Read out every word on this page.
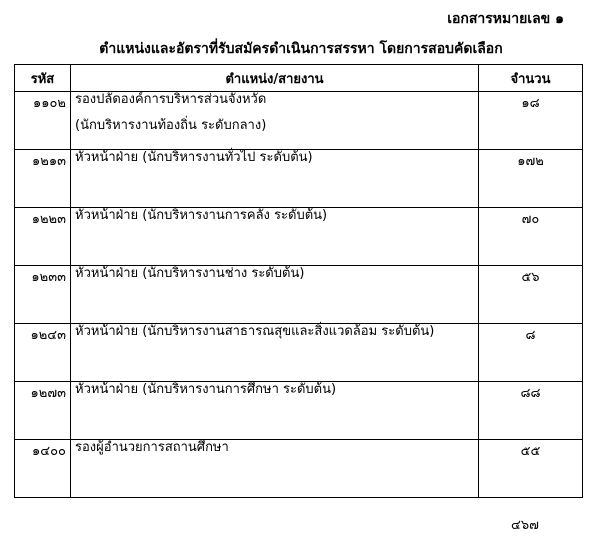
เอกสารหมายเลข ๑
ตำแหน่งและอัตราที่รับสมัครดำเนินการสรรหา โดยการสอบคัดเลือก
รหัส	ตำแหน่ง/สายงาน	จำนวน
๑๑๐๒	รองปลัดองค์การบริหารส่วนจังหวัด
(นักบริหารงานท้องถิ่น ระดับกลาง)	๑๘
๑๒๑๓	หัวหน้าฝ่าย (นักบริหารงานทั่วไป ระดับต้น)	๑๗๒
๑๒๒๓	หัวหน้าฝ่าย (นักบริหารงานการคลัง ระดับต้น)	๗๐
๑๒๓๓	หัวหน้าฝ่าย (นักบริหารงานช่าง ระดับต้น)	๕๖
๑๒๔๓	หัวหน้าฝ่าย (นักบริหารงานสาธารณสุขและสิ่งแวดล้อม ระดับต้น)	๘
๑๒๗๓	หัวหน้าฝ่าย (นักบริหารงานการศึกษา ระดับต้น)	๘๘
๑๔๐๐	รองผู้อำนวยการสถานศึกษา	๕๕
๔๖๗
